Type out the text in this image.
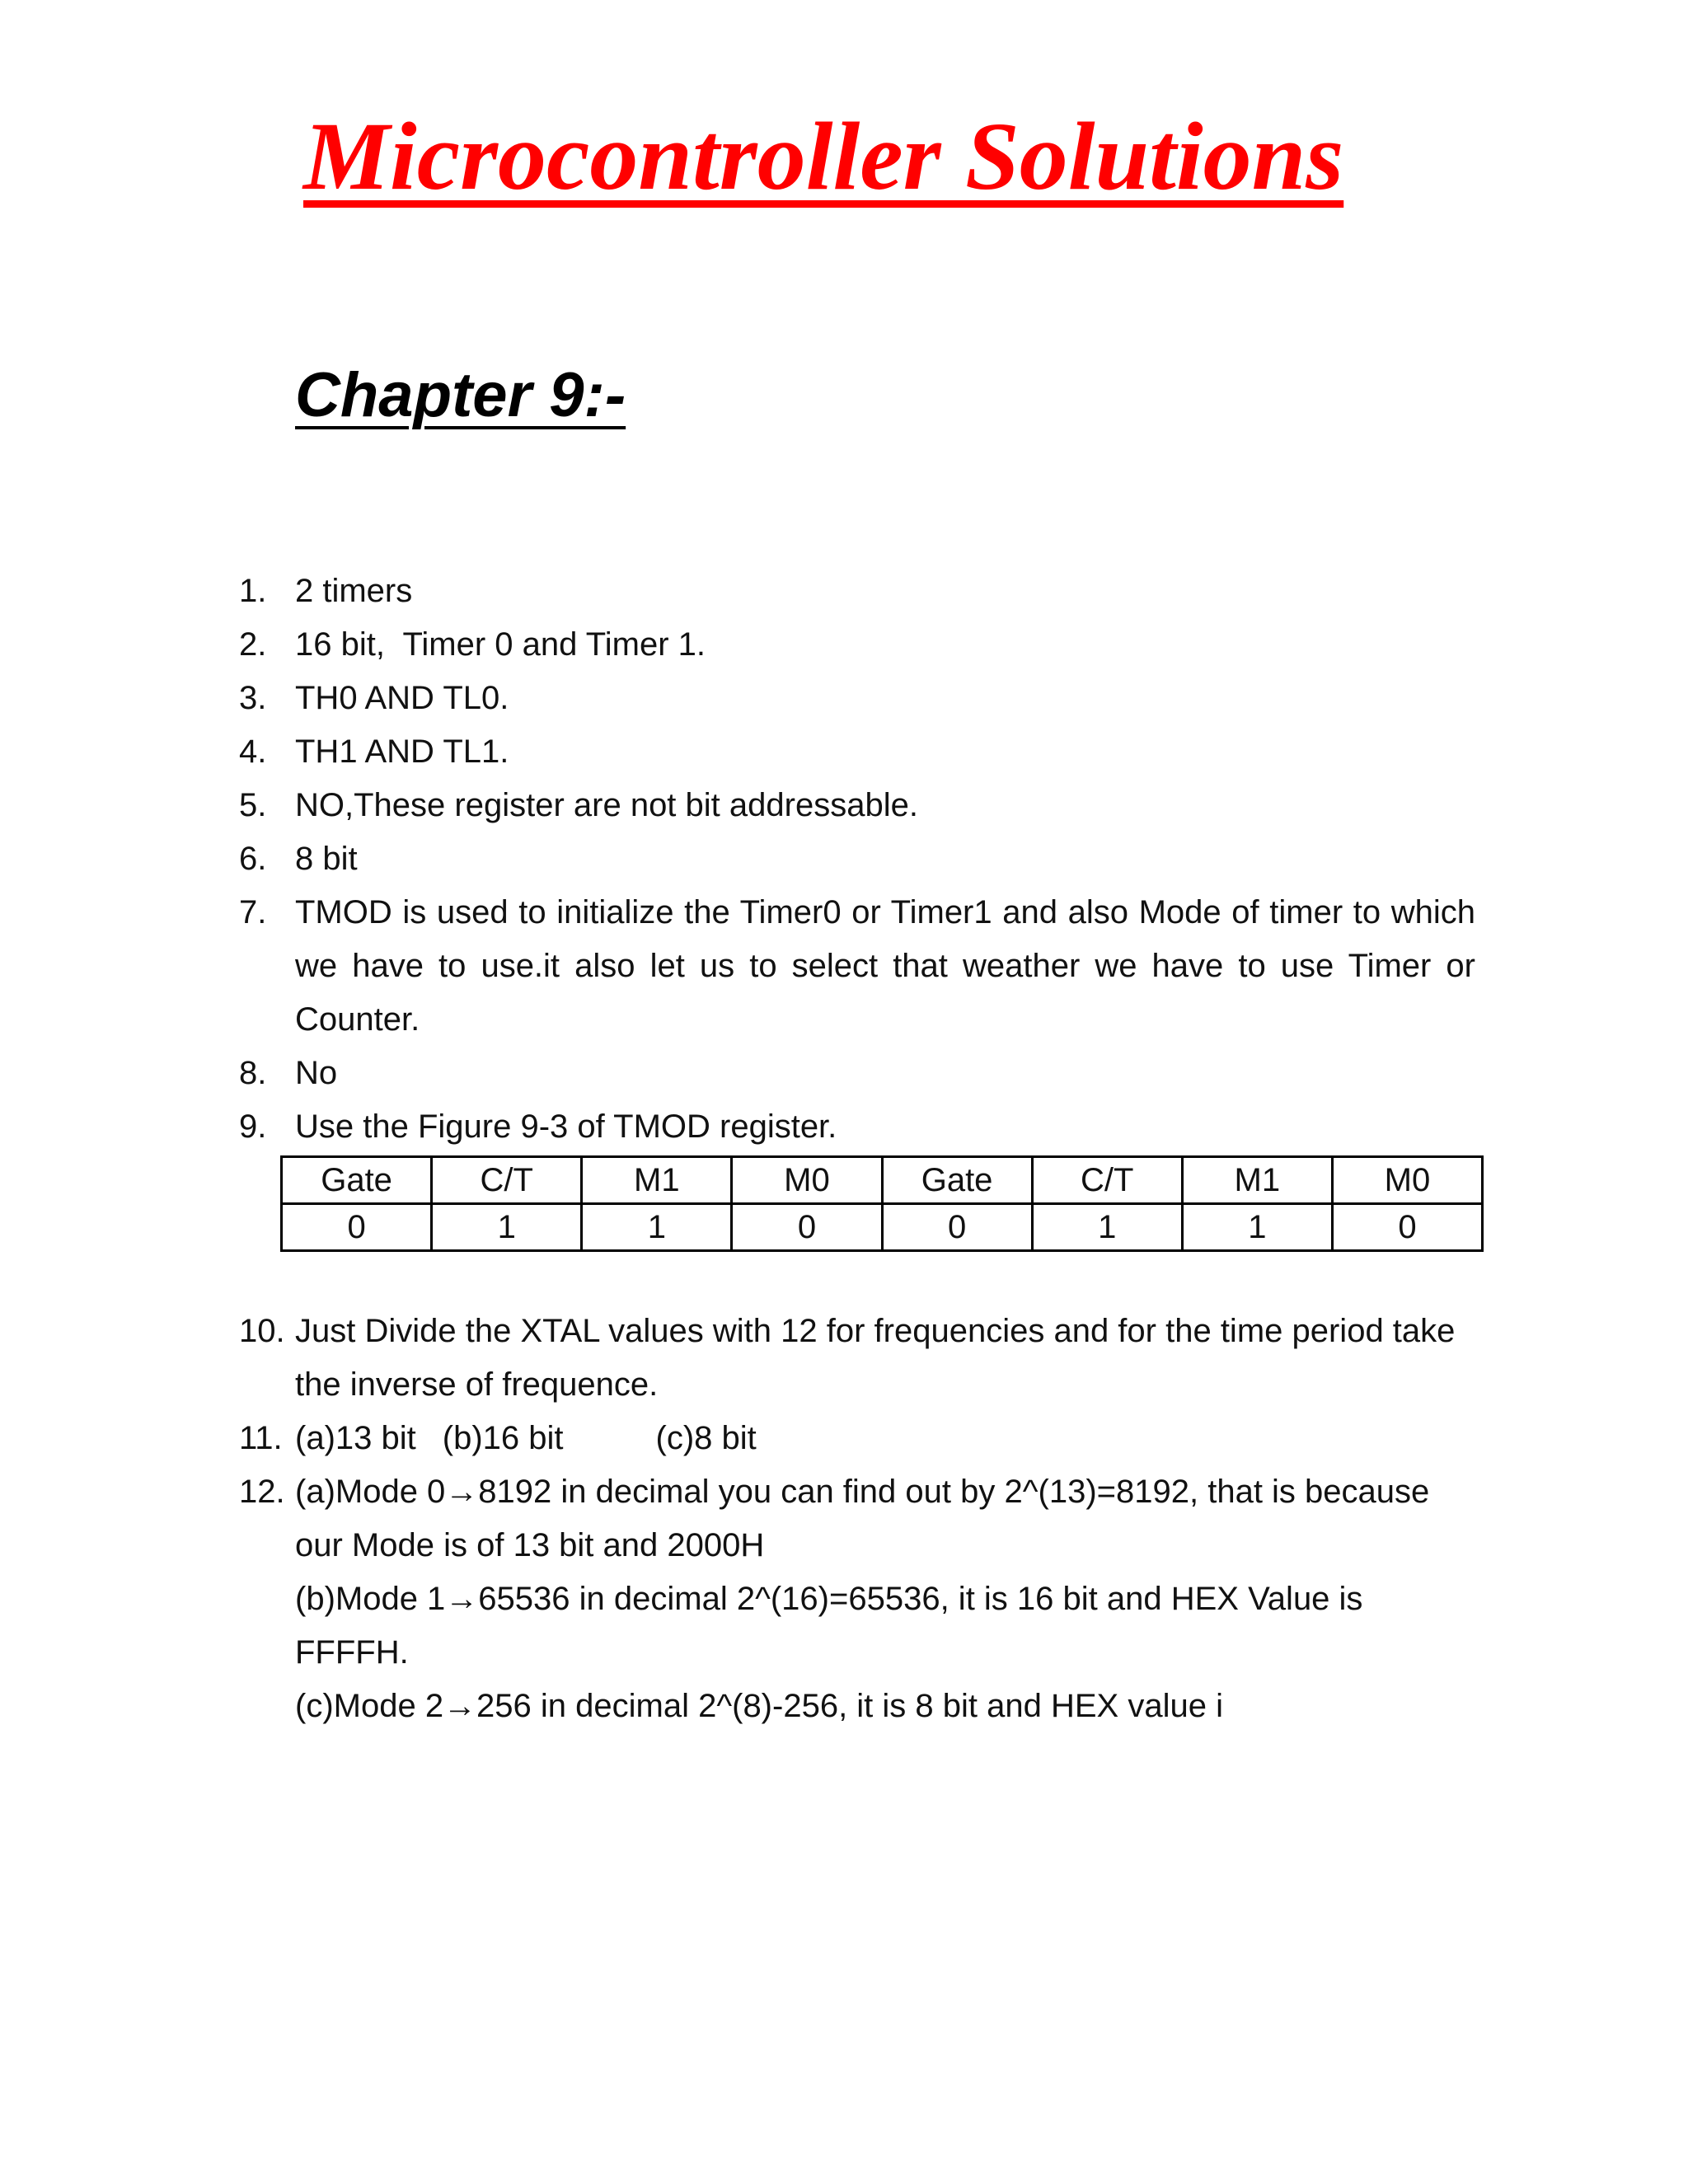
Microcontroller Solutions
Chapter 9:-
1. 2 timers
2. 16 bit,  Timer 0 and Timer 1.
3. TH0 AND TL0.
4. TH1 AND TL1.
5. NO,These register are not bit addressable.
6. 8 bit
7. TMOD is used to initialize the Timer0 or Timer1 and also Mode of timer to which we have to use.it also let us to select that weather we have to use Timer or Counter.
8. No
9. Use the Figure 9-3 of TMOD register.
Gate	C/T	M1	M0	Gate	C/T	M1	M0
0	1	1	0	0	1	1	0
10. Just Divide the XTAL values with 12 for frequencies and for the time period take the inverse of frequence.
11. (a)13 bit (b)16 bit	(c)8 bit
12. (a)Mode 0→8192 in decimal you can find out by 2^(13)=8192, that is because our Mode is of 13 bit and 2000H
(b)Mode 1→65536 in decimal 2^(16)=65536, it is 16 bit and HEX Value is FFFFH.
(c)Mode 2→256 in decimal 2^(8)-256, it is 8 bit and HEX value i
